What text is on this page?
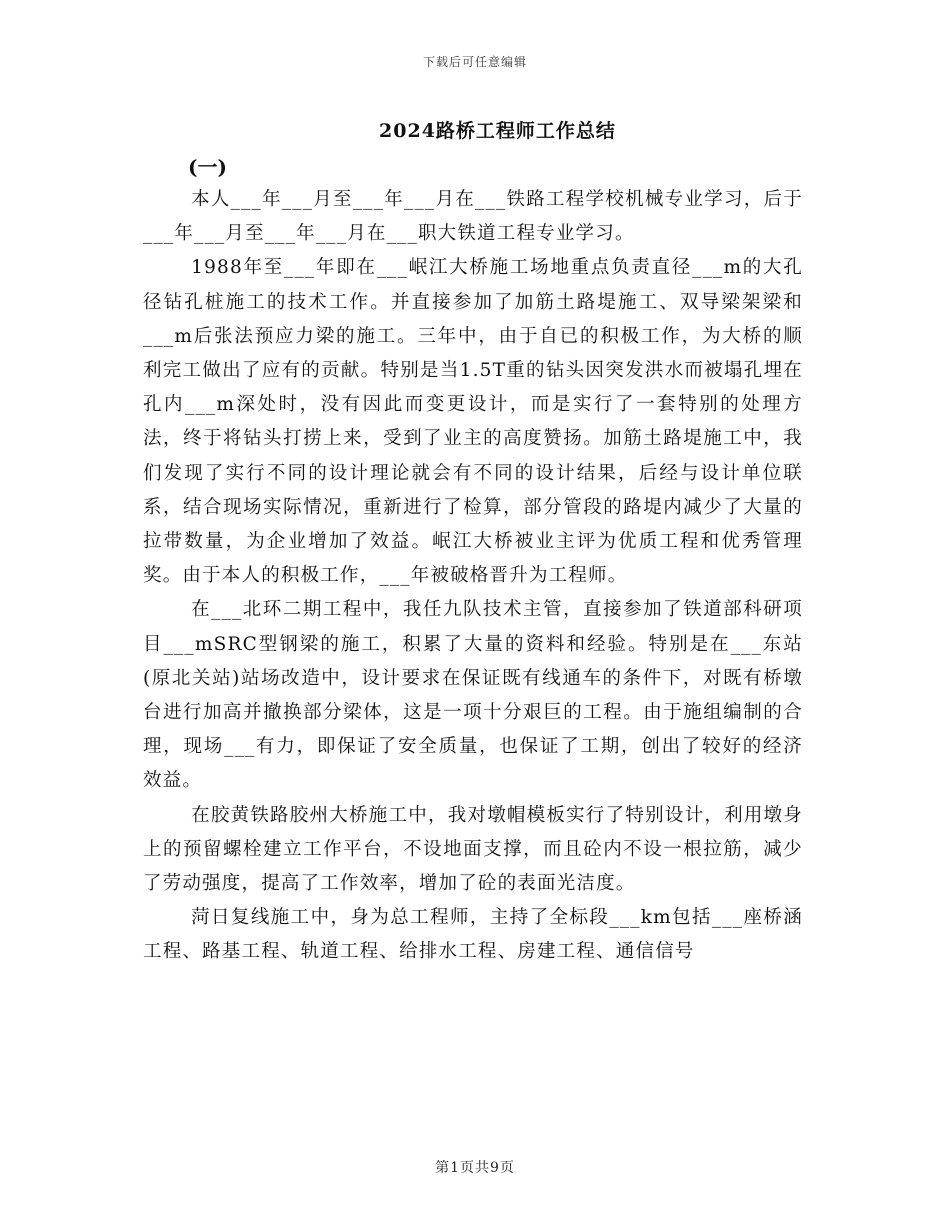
下载后可任意编辑
2024路桥工程师工作总结
(一)

本人___年___月至___年___月在___铁路工程学校机械专业学习，后于___年___月至___年___月在___职大铁道工程专业学习。

1988年至___年即在___岷江大桥施工场地重点负责直径___m的大孔径钻孔桩施工的技术工作。并直接参加了加筋土路堤施工、双导梁架梁和___m后张法预应力梁的施工。三年中，由于自已的积极工作，为大桥的顺利完工做出了应有的贡献。特别是当1.5T重的钻头因突发洪水而被塌孔埋在孔内___m深处时，没有因此而变更设计，而是实行了一套特别的处理方法，终于将钻头打捞上来，受到了业主的高度赞扬。加筋土路堤施工中，我们发现了实行不同的设计理论就会有不同的设计结果，后经与设计单位联系，结合现场实际情况，重新进行了检算，部分管段的路堤内减少了大量的拉带数量，为企业增加了效益。岷江大桥被业主评为优质工程和优秀管理奖。由于本人的积极工作，___年被破格晋升为工程师。

在___北环二期工程中，我任九队技术主管，直接参加了铁道部科研项目___mSRC型钢梁的施工，积累了大量的资料和经验。特别是在___东站(原北关站)站场改造中，设计要求在保证既有线通车的条件下，对既有桥墩台进行加高并撤换部分梁体，这是一项十分艰巨的工程。由于施组编制的合理，现场___有力，即保证了安全质量，也保证了工期，创出了较好的经济效益。

在胶黄铁路胶州大桥施工中，我对墩帽模板实行了特别设计，利用墩身上的预留螺栓建立工作平台，不设地面支撑，而且砼内不设一根拉筋，减少了劳动强度，提高了工作效率，增加了砼的表面光洁度。

菏日复线施工中，身为总工程师，主持了全标段___km包括___座桥涵工程、路基工程、轨道工程、给排水工程、房建工程、通信信号

第1页共9页
